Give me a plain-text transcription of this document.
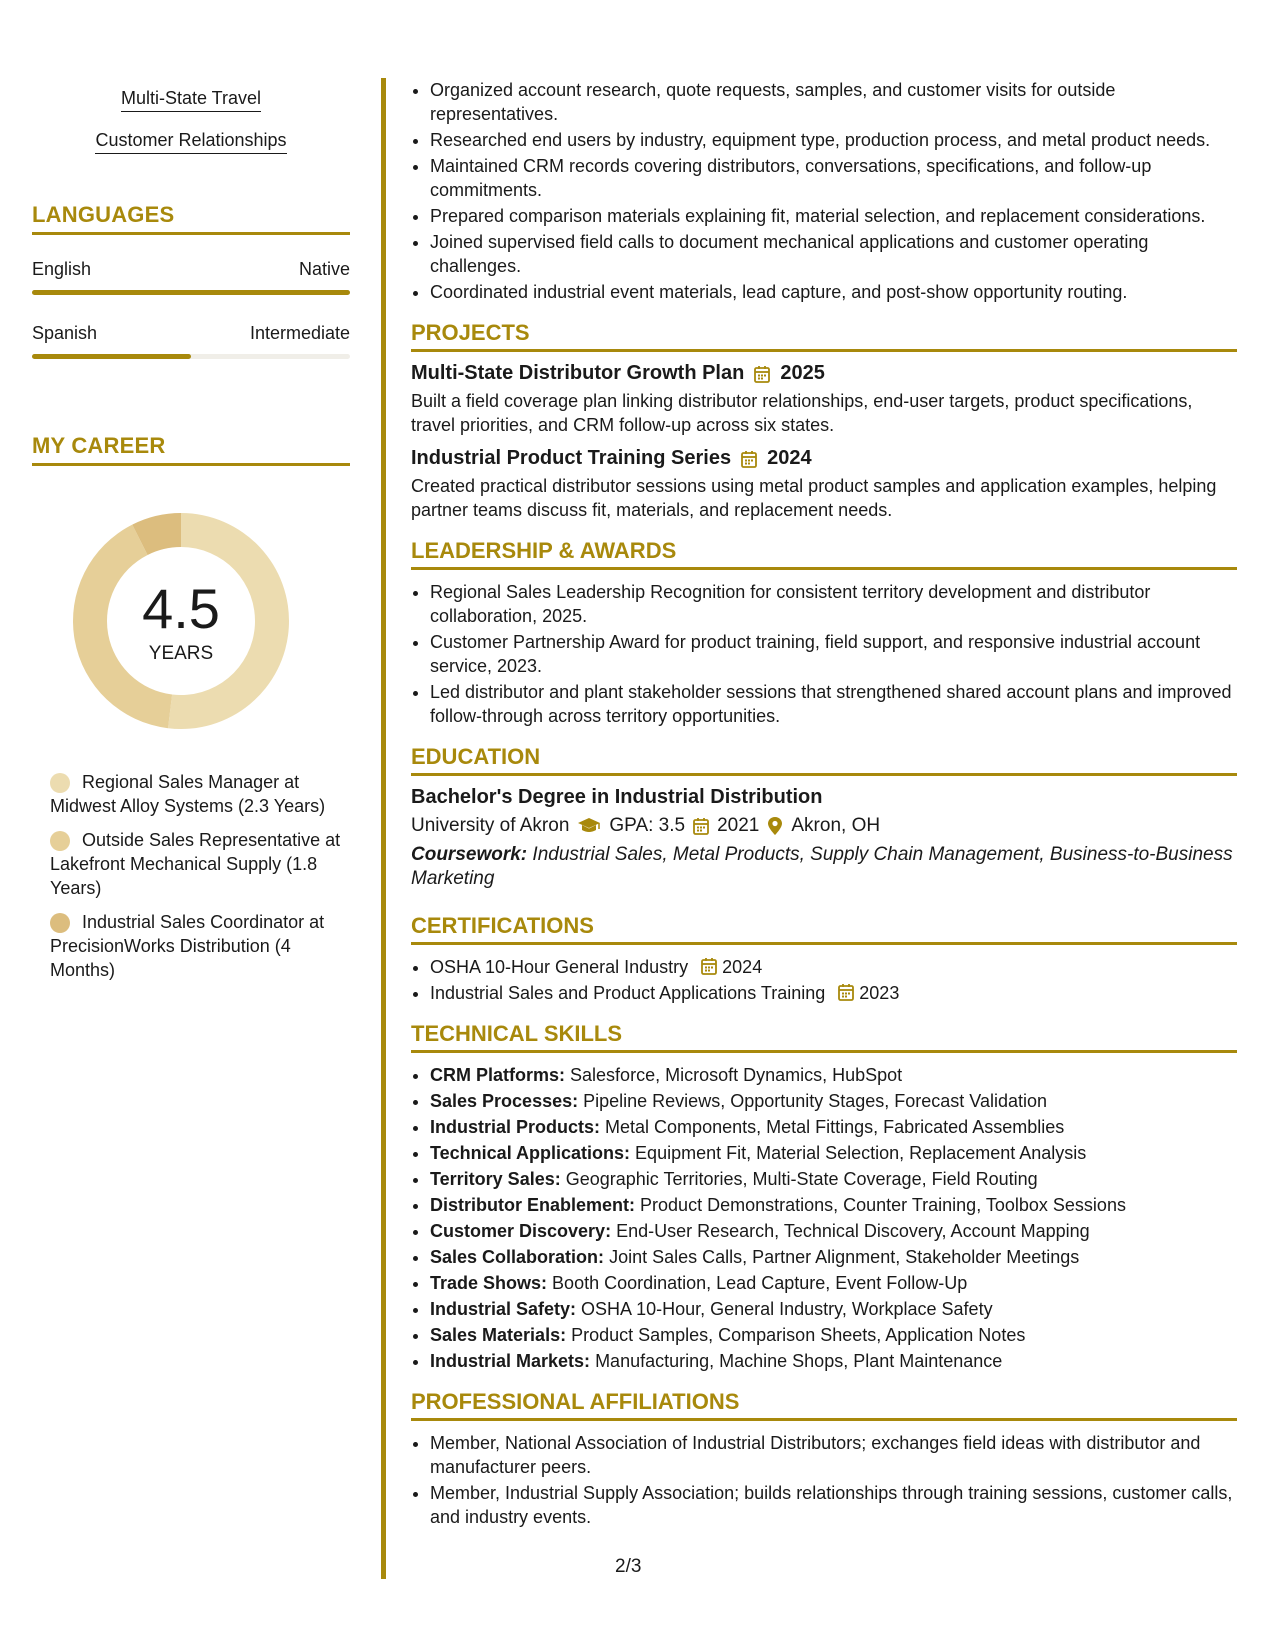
Multi-State Travel
Customer Relationships
LANGUAGES
English	Native
Spanish	Intermediate
MY CAREER
4.5
YEARS
Regional Sales Manager at Midwest Alloy Systems (2.3 Years)
Outside Sales Representative at Lakefront Mechanical Supply (1.8 Years)
Industrial Sales Coordinator at PrecisionWorks Distribution (4 Months)
• Organized account research, quote requests, samples, and customer visits for outside representatives.
• Researched end users by industry, equipment type, production process, and metal product needs.
• Maintained CRM records covering distributors, conversations, specifications, and follow-up commitments.
• Prepared comparison materials explaining fit, material selection, and replacement considerations.
• Joined supervised field calls to document mechanical applications and customer operating challenges.
• Coordinated industrial event materials, lead capture, and post-show opportunity routing.
PROJECTS
Multi-State Distributor Growth Plan 2025

Built a field coverage plan linking distributor relationships, end-user targets, product specifications, travel priorities, and CRM follow-up across six states.

Industrial Product Training Series 2024

Created practical distributor sessions using metal product samples and application examples, helping partner teams discuss fit, materials, and replacement needs.

LEADERSHIP & AWARDS
• Regional Sales Leadership Recognition for consistent territory development and distributor collaboration, 2025.
• Customer Partnership Award for product training, field support, and responsive industrial account service, 2023.
• Led distributor and plant stakeholder sessions that strengthened shared account plans and improved follow-through across territory opportunities.
EDUCATION
Bachelor's Degree in Industrial Distribution
University of Akron GPA: 3.5 2021 Akron, OH
Coursework: Industrial Sales, Metal Products, Supply Chain Management, Business-to-Business Marketing
CERTIFICATIONS
• OSHA 10-Hour General Industry 2024
• Industrial Sales and Product Applications Training 2023
TECHNICAL SKILLS
• CRM Platforms: Salesforce, Microsoft Dynamics, HubSpot
• Sales Processes: Pipeline Reviews, Opportunity Stages, Forecast Validation
• Industrial Products: Metal Components, Metal Fittings, Fabricated Assemblies
• Technical Applications: Equipment Fit, Material Selection, Replacement Analysis
• Territory Sales: Geographic Territories, Multi-State Coverage, Field Routing
• Distributor Enablement: Product Demonstrations, Counter Training, Toolbox Sessions
• Customer Discovery: End-User Research, Technical Discovery, Account Mapping
• Sales Collaboration: Joint Sales Calls, Partner Alignment, Stakeholder Meetings
• Trade Shows: Booth Coordination, Lead Capture, Event Follow-Up
• Industrial Safety: OSHA 10-Hour, General Industry, Workplace Safety
• Sales Materials: Product Samples, Comparison Sheets, Application Notes
• Industrial Markets: Manufacturing, Machine Shops, Plant Maintenance
PROFESSIONAL AFFILIATIONS
• Member, National Association of Industrial Distributors; exchanges field ideas with distributor and manufacturer peers.
• Member, Industrial Supply Association; builds relationships through training sessions, customer calls, and industry events.
2/3
